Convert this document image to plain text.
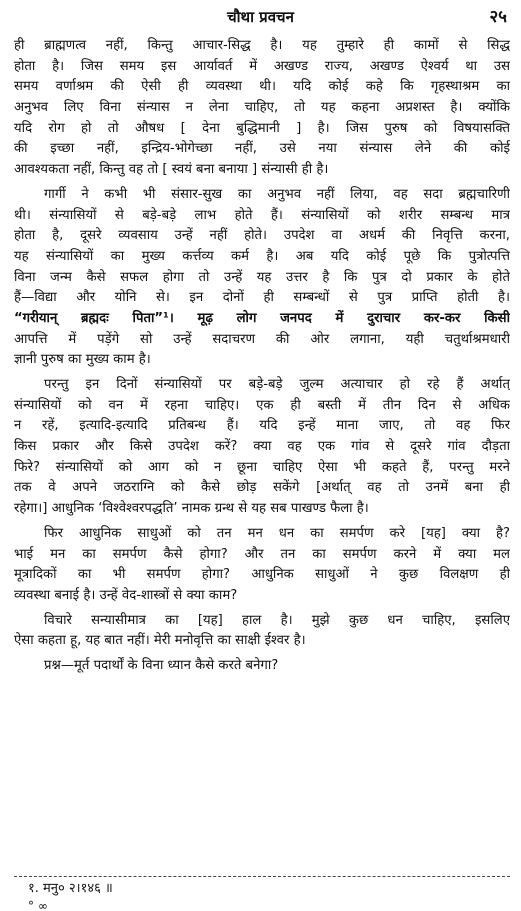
चौथा प्रवचन	२५
ही ब्राह्मणत्व नहीं, किन्तु आचार-सिद्ध है। यह तुम्हारे ही कामों से सिद्ध
होता है। जिस समय इस आर्यावर्त में अखण्ड राज्य, अखण्ड ऐश्वर्य था उस
समय वर्णाश्रम की ऐसी ही व्यवस्था थी। यदि कोई कहे कि गृहस्थाश्रम का
अनुभव लिए विना संन्यास न लेना चाहिए, तो यह कहना अप्रशस्त है। क्योंकि
यदि रोग हो तो औषध [ देना बुद्धिमानी ] है। जिस पुरुष को विषयासक्ति
की इच्छा नहीं, इन्द्रिय-भोगेच्छा नहीं, उसे नया संन्यास लेने की कोई
आवश्यकता नहीं, किन्तु वह तो [ स्वयं बना बनाया ] संन्यासी ही है।
गार्गी ने कभी भी संसार-सुख का अनुभव नहीं लिया, वह सदा ब्रह्मचारिणी
थी। संन्यासियों से बड़े-बड़े लाभ होते हैं। संन्यासियों को शरीर सम्बन्ध मात्र
होता है, दूसरे व्यवसाय उन्हें नहीं होते। उपदेश वा अधर्म की निवृत्ति करना,
यह संन्यासियों का मुख्य कर्त्तव्य कर्म है। अब यदि कोई पूछे कि पुत्रोत्पत्ति
विना जन्म कैसे सफल होगा तो उन्हें यह उत्तर है कि पुत्र दो प्रकार के होते
हैं—विद्या और योनि से। इन दोनों ही सम्बन्धों से पुत्र प्राप्ति होती है।
“गरीयान् ब्रह्मदः पिता”¹। मूढ़ लोग जनपद में दुराचार कर-कर किसी
आपत्ति में पड़ेंगे सो उन्हें सदाचरण की ओर लगाना, यही चतुर्थाश्रमधारी
ज्ञानी पुरुष का मुख्य काम है।
परन्तु इन दिनों संन्यासियों पर बड़े-बड़े जुल्म अत्याचार हो रहे हैं अर्थात्
संन्यासियों को वन में रहना चाहिए। एक ही बस्ती में तीन दिन से अधिक
न रहें, इत्यादि-इत्यादि प्रतिबन्ध हैं। यदि इन्हें माना जाए, तो वह फिर
किस प्रकार और किसे उपदेश करें? क्या वह एक गांव से दूसरे गांव दौड़ता
फिरे? संन्यासियों को आग को न छूना चाहिए ऐसा भी कहते हैं, परन्तु मरने
तक वे अपने जठराग्नि को कैसे छोड़ सकेंगे [अर्थात् वह तो उनमें बना ही
रहेगा।] आधुनिक ‘विश्वेश्वरपद्धति’ नामक ग्रन्थ से यह सब पाखण्ड फैला है।
फिर आधुनिक साधुओं को तन मन धन का समर्पण करे [यह] क्या है?
भाई मन का समर्पण कैसे होगा? और तन का समर्पण करने में क्या मल
मूत्रादिकों का भी समर्पण होगा? आधुनिक साधुओं ने कुछ विलक्षण ही
व्यवस्था बनाई है। उन्हें वेद-शास्त्रों से क्या काम?
विचारे सन्यासीमात्र का [यह] हाल है। मुझे कुछ धन चाहिए, इसलिए
ऐसा कहता हू, यह बात नहीं। मेरी मनोवृत्ति का साक्षी ईश्वर है।
प्रश्न—मूर्त पदार्थों के विना ध्यान कैसे करते बनेगा?
१. मनु० २।१४६ ॥
° ∞
